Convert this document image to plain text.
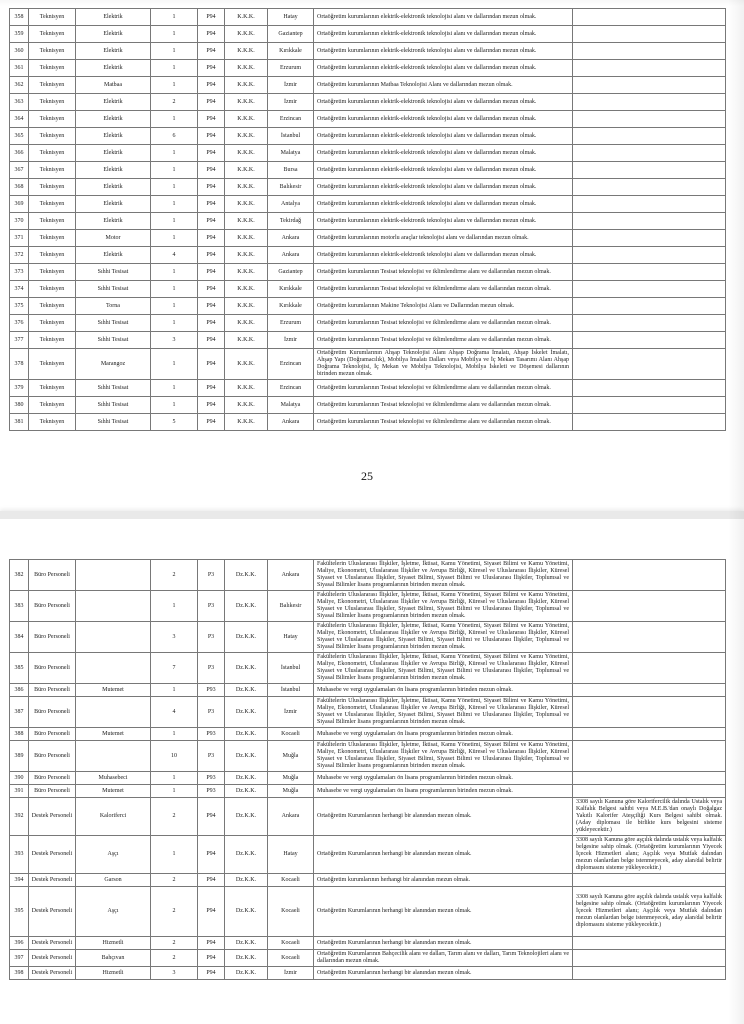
358	Teknisyen	Elektrik	1	P94	K.K.K.	Hatay	Ortaöğretim kurumlarının elektrik-elektronik teknolojisi alanı ve dallarından mezun olmak.	
359	Teknisyen	Elektrik	1	P94	K.K.K.	Gaziantep	Ortaöğretim kurumlarının elektrik-elektronik teknolojisi alanı ve dallarından mezun olmak.	
360	Teknisyen	Elektrik	1	P94	K.K.K.	Kırıkkale	Ortaöğretim kurumlarının elektrik-elektronik teknolojisi alanı ve dallarından mezun olmak.	
361	Teknisyen	Elektrik	1	P94	K.K.K.	Erzurum	Ortaöğretim kurumlarının elektrik-elektronik teknolojisi alanı ve dallarından mezun olmak.	
362	Teknisyen	Matbaa	1	P94	K.K.K.	İzmir	Ortaöğretim kurumlarının Matbaa Teknolojisi Alanı ve dallarından mezun olmak.	
363	Teknisyen	Elektrik	2	P94	K.K.K.	İzmir	Ortaöğretim kurumlarının elektrik-elektronik teknolojisi alanı ve dallarından mezun olmak.	
364	Teknisyen	Elektrik	1	P94	K.K.K.	Erzincan	Ortaöğretim kurumlarının elektrik-elektronik teknolojisi alanı ve dallarından mezun olmak.	
365	Teknisyen	Elektrik	6	P94	K.K.K.	İstanbul	Ortaöğretim kurumlarının elektrik-elektronik teknolojisi alanı ve dallarından mezun olmak.	
366	Teknisyen	Elektrik	1	P94	K.K.K.	Malatya	Ortaöğretim kurumlarının elektrik-elektronik teknolojisi alanı ve dallarından mezun olmak.	
367	Teknisyen	Elektrik	1	P94	K.K.K.	Bursa	Ortaöğretim kurumlarının elektrik-elektronik teknolojisi alanı ve dallarından mezun olmak.	
368	Teknisyen	Elektrik	1	P94	K.K.K.	Balıkesir	Ortaöğretim kurumlarının elektrik-elektronik teknolojisi alanı ve dallarından mezun olmak.	
369	Teknisyen	Elektrik	1	P94	K.K.K.	Antalya	Ortaöğretim kurumlarının elektrik-elektronik teknolojisi alanı ve dallarından mezun olmak.	
370	Teknisyen	Elektrik	1	P94	K.K.K.	Tekirdağ	Ortaöğretim kurumlarının elektrik-elektronik teknolojisi alanı ve dallarından mezun olmak.	
371	Teknisyen	Motor	1	P94	K.K.K.	Ankara	Ortaöğretim kurumlarının motorlu araçlar teknolojisi alanı ve dallarından mezun olmak.	
372	Teknisyen	Elektrik	4	P94	K.K.K.	Ankara	Ortaöğretim kurumlarının elektrik-elektronik teknolojisi alanı ve dallarından mezun olmak.	
373	Teknisyen	Sıhhi Tesisat	1	P94	K.K.K.	Gaziantep	Ortaöğretim kurumlarının Tesisat teknolojisi ve iklimlendirme alanı ve dallarından mezun olmak.	
374	Teknisyen	Sıhhi Tesisat	1	P94	K.K.K.	Kırıkkale	Ortaöğretim kurumlarının Tesisat teknolojisi ve iklimlendirme alanı ve dallarından mezun olmak.	
375	Teknisyen	Torna	1	P94	K.K.K.	Kırıkkale	Ortaöğretim kurumlarının Makine Teknolojisi Alanı ve Dallarından mezun olmak.	
376	Teknisyen	Sıhhi Tesisat	1	P94	K.K.K.	Erzurum	Ortaöğretim kurumlarının Tesisat teknolojisi ve iklimlendirme alanı ve dallarından mezun olmak.	
377	Teknisyen	Sıhhi Tesisat	3	P94	K.K.K.	İzmir	Ortaöğretim kurumlarının Tesisat teknolojisi ve iklimlendirme alanı ve dallarından mezun olmak.	
378	Teknisyen	Marangoz	1	P94	K.K.K.	Erzincan	Ortaöğretim Kurumlarının Ahşap Teknolojisi Alanı Ahşap Doğrama İmalatı, Ahşap İskelet İmalatı, Ahşap Yapı (Doğramacılık), Mobilya İmalatı Dalları veya Mobilya ve İç Mekan Tasarımı Alanı Ahşap Doğrama Teknolojisi, İç Mekan ve Mobilya Teknolojisi, Mobilya İskeleti ve Döşemesi dallarının birinden mezun olmak.	
379	Teknisyen	Sıhhi Tesisat	1	P94	K.K.K.	Erzincan	Ortaöğretim kurumlarının Tesisat teknolojisi ve iklimlendirme alanı ve dallarından mezun olmak.	
380	Teknisyen	Sıhhi Tesisat	1	P94	K.K.K.	Malatya	Ortaöğretim kurumlarının Tesisat teknolojisi ve iklimlendirme alanı ve dallarından mezun olmak.	
381	Teknisyen	Sıhhi Tesisat	5	P94	K.K.K.	Ankara	Ortaöğretim kurumlarının Tesisat teknolojisi ve iklimlendirme alanı ve dallarından mezun olmak.	
25
382	Büro Personeli		2	P3	Dz.K.K.	Ankara	Fakültelerin Uluslararası İlişkiler, İşletme, İktisat, Kamu Yönetimi, Siyaset Bilimi ve Kamu Yönetimi, Maliye, Ekonometri, Uluslararası İlişkiler ve Avrupa Birliği, Küresel ve Uluslararası İlişkiler, Küresel Siyaset ve Uluslararası İlişkiler, Siyaset Bilimi, Siyaset Bilimi ve Uluslararası İlişkiler, Toplumsal ve Siyasal Bilimler lisans programlarının birinden mezun olmak.	
383	Büro Personeli		1	P3	Dz.K.K.	Balıkesir	Fakültelerin Uluslararası İlişkiler, İşletme, İktisat, Kamu Yönetimi, Siyaset Bilimi ve Kamu Yönetimi, Maliye, Ekonometri, Uluslararası İlişkiler ve Avrupa Birliği, Küresel ve Uluslararası İlişkiler, Küresel Siyaset ve Uluslararası İlişkiler, Siyaset Bilimi, Siyaset Bilimi ve Uluslararası İlişkiler, Toplumsal ve Siyasal Bilimler lisans programlarının birinden mezun olmak.	
384	Büro Personeli		3	P3	Dz.K.K.	Hatay	Fakültelerin Uluslararası İlişkiler, İşletme, İktisat, Kamu Yönetimi, Siyaset Bilimi ve Kamu Yönetimi, Maliye, Ekonometri, Uluslararası İlişkiler ve Avrupa Birliği, Küresel ve Uluslararası İlişkiler, Küresel Siyaset ve Uluslararası İlişkiler, Siyaset Bilimi, Siyaset Bilimi ve Uluslararası İlişkiler, Toplumsal ve Siyasal Bilimler lisans programlarının birinden mezun olmak.	
385	Büro Personeli		7	P3	Dz.K.K.	İstanbul	Fakültelerin Uluslararası İlişkiler, İşletme, İktisat, Kamu Yönetimi, Siyaset Bilimi ve Kamu Yönetimi, Maliye, Ekonometri, Uluslararası İlişkiler ve Avrupa Birliği, Küresel ve Uluslararası İlişkiler, Küresel Siyaset ve Uluslararası İlişkiler, Siyaset Bilimi, Siyaset Bilimi ve Uluslararası İlişkiler, Toplumsal ve Siyasal Bilimler lisans programlarının birinden mezun olmak.	
386	Büro Personeli	Mutemet	1	P93	Dz.K.K.	İstanbul	Muhasebe ve vergi uygulamaları ön lisans programlarının birinden mezun olmak.	
387	Büro Personeli		4	P3	Dz.K.K.	İzmir	Fakültelerin Uluslararası İlişkiler, İşletme, İktisat, Kamu Yönetimi, Siyaset Bilimi ve Kamu Yönetimi, Maliye, Ekonometri, Uluslararası İlişkiler ve Avrupa Birliği, Küresel ve Uluslararası İlişkiler, Küresel Siyaset ve Uluslararası İlişkiler, Siyaset Bilimi, Siyaset Bilimi ve Uluslararası İlişkiler, Toplumsal ve Siyasal Bilimler lisans programlarının birinden mezun olmak.	
388	Büro Personeli	Mutemet	1	P93	Dz.K.K.	Kocaeli	Muhasebe ve vergi uygulamaları ön lisans programlarının birinden mezun olmak.	
389	Büro Personeli		10	P3	Dz.K.K.	Muğla	Fakültelerin Uluslararası İlişkiler, İşletme, İktisat, Kamu Yönetimi, Siyaset Bilimi ve Kamu Yönetimi, Maliye, Ekonometri, Uluslararası İlişkiler ve Avrupa Birliği, Küresel ve Uluslararası İlişkiler, Küresel Siyaset ve Uluslararası İlişkiler, Siyaset Bilimi, Siyaset Bilimi ve Uluslararası İlişkiler, Toplumsal ve Siyasal Bilimler lisans programlarının birinden mezun olmak.	
390	Büro Personeli	Muhasebeci	1	P93	Dz.K.K.	Muğla	Muhasebe ve vergi uygulamaları ön lisans programlarının birinden mezun olmak.	
391	Büro Personeli	Mutemet	1	P93	Dz.K.K.	Muğla	Muhasebe ve vergi uygulamaları ön lisans programlarının birinden mezun olmak.	
392	Destek Personeli	Kaloriferci	2	P94	Dz.K.K.	Ankara	Ortaöğretim Kurumlarının herhangi bir alanından mezun olmak.	3308 sayılı Kanuna göre Kalorifercilik dalında Ustalık veya Kalfalık Belgesi sahibi veya M.E.B.'dan onaylı Doğalgaz Yakıtlı Kalorifer Ateşçiliği Kurs Belgesi sahibi olmak. (Aday diploması ile birlikte kurs belgesini sisteme yükleyecektir.)
393	Destek Personeli	Aşçı	1	P94	Dz.K.K.	Hatay	Ortaöğretim Kurumlarının herhangi bir alanından mezun olmak.	3308 sayılı Kanuna göre aşçılık dalında ustalık veya kalfalık belgesine sahip olmak. (Ortaöğretim kurumlarının Yiyecek İçecek Hizmetleri alanı; Aşçılık veya Mutfak dalından mezun olanlardan belge istenmeyecek, aday alan/dal belirtir diplomasını sisteme yükleyecektir.)
394	Destek Personeli	Garson	2	P94	Dz.K.K.	Kocaeli	Ortaöğretim kurumlarının herhangi bir alanından mezun olmak.	
395	Destek Personeli	Aşçı	2	P94	Dz.K.K.	Kocaeli	Ortaöğretim Kurumlarının herhangi bir alanından mezun olmak.	3308 sayılı Kanuna göre aşçılık dalında ustalık veya kalfalık belgesine sahip olmak. (Ortaöğretim kurumlarının Yiyecek İçecek Hizmetleri alanı; Aşçılık veya Mutfak dalından mezun olanlardan belge istenmeyecek, aday alan/dal belirtir diplomasını sisteme yükleyecektir.)
396	Destek Personeli	Hizmetli	2	P94	Dz.K.K.	Kocaeli	Ortaöğretim Kurumlarının herhangi bir alanından mezun olmak.	
397	Destek Personeli	Bahçıvan	2	P94	Dz.K.K.	Kocaeli	Ortaöğretim Kurumlarının Bahçecilik alanı ve dalları, Tarım alanı ve dalları, Tarım Teknolojileri alanı ve dallarından mezun olmak.	
398	Destek Personeli	Hizmetli	3	P94	Dz.K.K.	İzmir	Ortaöğretim Kurumlarının herhangi bir alanından mezun olmak.	
